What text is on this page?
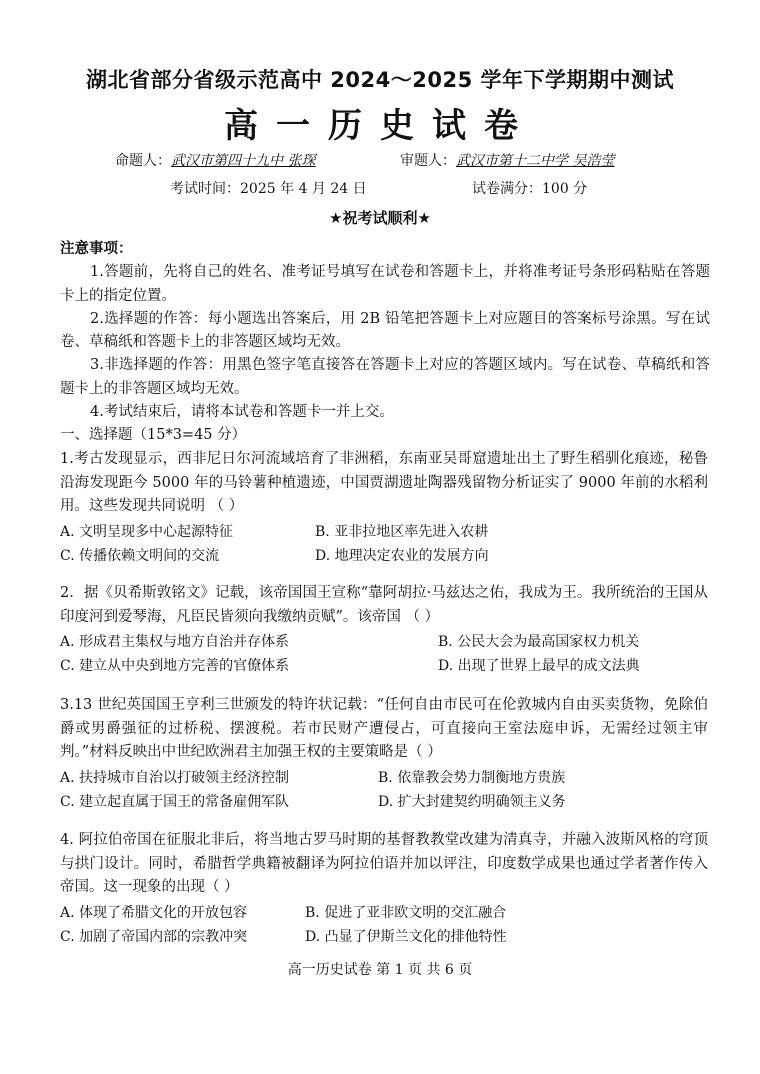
湖北省部分省级示范高中 2024～2025 学年下学期期中测试
高一历史试卷
命题人：武汉市第四十九中 张琛	审题人：武汉市第十二中学 吴浩莹
考试时间：2025 年 4 月 24 日	试卷满分：100 分
★祝考试顺利★
注意事项：

1.答题前，先将自己的姓名、准考证号填写在试卷和答题卡上，并将准考证号条形码粘贴在答题卡上的指定位置。

2.选择题的作答：每小题选出答案后，用 2B 铅笔把答题卡上对应题目的答案标号涂黑。写在试卷、草稿纸和答题卡上的非答题区域均无效。

3.非选择题的作答：用黑色签字笔直接答在答题卡上对应的答题区域内。写在试卷、草稿纸和答题卡上的非答题区域均无效。

4.考试结束后，请将本试卷和答题卡一并上交。

一、选择题（15*3=45 分）

1.考古发现显示，西非尼日尔河流域培育了非洲稻，东南亚吴哥窟遗址出土了野生稻驯化痕迹，秘鲁沿海发现距今 5000 年的马铃薯种植遗迹，中国贾湖遗址陶器残留物分析证实了 9000 年前的水稻利用。这些发现共同说明 （ ）

A. 文明呈现多中心起源特征	B. 亚非拉地区率先进入农耕
C. 传播依赖文明间的交流	D. 地理决定农业的发展方向

2．据《贝希斯敦铭文》记载，该帝国国王宣称“靠阿胡拉·马兹达之佑，我成为王。我所统治的王国从印度河到爱琴海，凡臣民皆须向我缴纳贡赋”。该帝国 （ ）

A. 形成君主集权与地方自治并存体系	B. 公民大会为最高国家权力机关
C. 建立从中央到地方完善的官僚体系	D. 出现了世界上最早的成文法典

3.13 世纪英国国王亨利三世颁发的特许状记载：“任何自由市民可在伦敦城内自由买卖货物，免除伯爵或男爵强征的过桥税、摆渡税。若市民财产遭侵占，可直接向王室法庭申诉，无需经过领主审判。”材料反映出中世纪欧洲君主加强王权的主要策略是（ ）

A. 扶持城市自治以打破领主经济控制	B. 依靠教会势力制衡地方贵族
C. 建立起直属于国王的常备雇佣军队	D. 扩大封建契约明确领主义务

4. 阿拉伯帝国在征服北非后，将当地古罗马时期的基督教教堂改建为清真寺，并融入波斯风格的穹顶与拱门设计。同时，希腊哲学典籍被翻译为阿拉伯语并加以评注，印度数学成果也通过学者著作传入帝国。这一现象的出现（ ）

A. 体现了希腊文化的开放包容	B. 促进了亚非欧文明的交汇融合
C. 加剧了帝国内部的宗教冲突	D. 凸显了伊斯兰文化的排他特性
高一历史试卷 第 1 页 共 6 页
